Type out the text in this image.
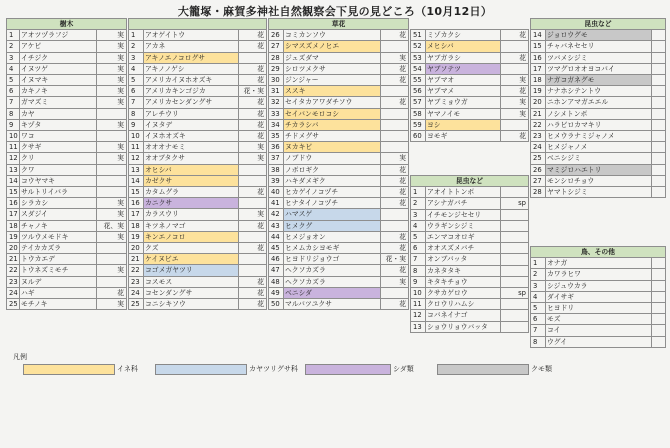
大籠塚・麻賀多神社自然観察会下見の見どころ（10月12日）
樹木		
1	アオツヅラフジ	実
2	アケビ	実
3	イチジク	実
4	イヌツゲ	実
5	イヌマキ	実
6	カキノキ	実
7	ガマズミ	実
8	カヤ	
9	キヅタ	実
10	ワコ	
11	クサギ	実
12	クリ	実
13	クワ	
14	コウヤマキ	
15	サルトリイバラ	
16	シラカシ	実
17	スダジイ	実
18	チャノキ	花、実
19	ツルウメモドキ	実
20	テイカカズラ	
21	トウカエデ	
22	トウネズミモチ	実
23	ヌルデ	
24	ハギ	花
25	モチノキ	実

1	アオゲイトウ	花
2	アカネ	花
3	アキノエノコログサ	
4	アキノノゲシ	花
5	アメリカイヌホオズキ	花
6	アメリカキンゴジカ	花・実
7	アメリカセンダングサ	花
8	アレチウリ	花
9	イヌタデ	花
10	イヌホオズキ	花
11	オオオナモミ	実
12	オオブタクサ	実
13	オヒシバ	
14	カゼクサ	
15	カタムグラ	花
16	カニクサ	
17	カラスウリ	実
18	キツネノマゴ	花
19	キンエノコロ	
20	クズ	花
21	ケイヌビエ	
22	コゴメガヤツリ	
23	コスモス	花
24	コセンダングサ	花
25	コニシキソウ	花
草花		
26	コミカンソウ	花
27	シマスズメノヒエ	
28	ジュズダマ	実
29	シロツメクサ	花
30	ジンジャー	花
31	ススキ	
32	セイタカアワダチソウ	花
33	セイバンモロコシ	
34	チカラシバ	
35	チドメグサ	
36	ヌカキビ	
37	ノブドウ	実
38	ノボロギク	花
39	ハキダメギク	花
40	ヒカゲイノコヅチ	花
41	ヒナタイノコヅチ	花
42	ハマスゲ	
43	ヒメクグ	
44	ヒメジョオン	花
45	ヒメムカシヨモギ	花
46	ヒヨドリジョウゴ	花・実
47	ヘクソカズラ	花
48	ヘクソカズラ	実
49	ベニシダ	
50	マルバツユクサ	花
51	ミゾカクシ	花
52	メヒシバ	
53	ヤブガラシ	花
54	ヤブソテツ	
55	ヤブマオ	実
56	ヤブマメ	花
57	ヤブミョウガ	実
58	ヤマノイモ	実
59	ヨシ	
60	ヨモギ	花
昆虫など		
1	アオイトトンボ	
2	アシナガバチ	sp
3	イチモンジセセリ	
4	ウラギンシジミ	
5	エンマコオロギ	
6	オオスズメバチ	
7	オンブバッタ	
8	カネタタキ	
9	キタキチョウ	
10	クサカゲロウ	sp
11	クロウリハムシ	
12	コバネイナゴ	
13	ショウリョウバッタ	
昆虫など		
14	ジョロウグモ	
15	チャバネセセリ	
16	ツバメシジミ	
17	ツマグロオオヨコバイ	
18	ナガコガネグモ	
19	ナナホシテントウ	
20	ニホンアマガエエル	
21	ノシメトンボ	
22	ハラビロカマキリ	
23	ヒメウラナミジャノメ	
24	ヒメジャノメ	
25	ベニシジミ	
26	マミジロハエトリ	
27	モンシロチョウ	
28	ヤマトシジミ	
鳥、その他		
1	オナガ	
2	カワラヒワ	
3	シジュウカラ	
4	ダイサギ	
5	ヒヨドリ	
6	モズ	
7	コイ	
8	ウグイ	
凡例
イネ科	カヤツリグサ科	シダ類	クモ類
